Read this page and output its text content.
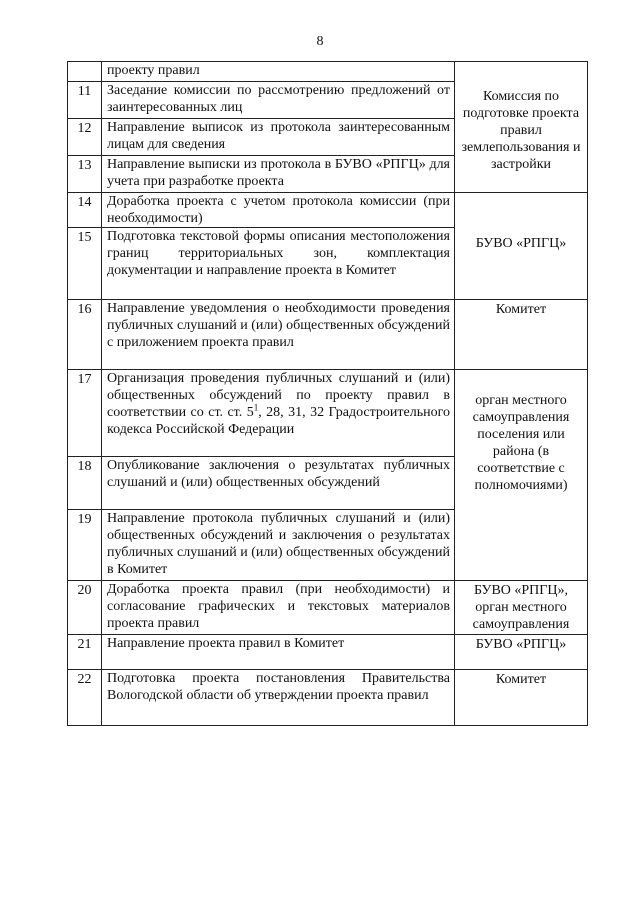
8
	проекту правил	Комиссия по подготовке проекта правил землепользования и застройки

11	Заседание комиссии по рассмотрению предложений от заинтересованных лиц	

12	Направление выписок из протокола заинтересованным лицам для сведения	

13	Направление выписки из протокола в БУВО «РПГЦ» для учета при разработке проекта	

14	Доработка проекта с учетом протокола комиссии (при необходимости)	БУВО «РПГЦ»

15	Подготовка текстовой формы описания местоположения границ территориальных зон, комплектация документации и направление проекта в Комитет	

16	Направление уведомления о необходимости проведения публичных слушаний и (или) общественных обсуждений с приложением проекта правил	Комитет

17	Организация проведения публичных слушаний и (или) общественных обсуждений по проекту правил в соответствии со ст. ст. $5^1$, 28, 31, 32 Градостроительного кодекса Российской Федерации	орган местного самоуправления поселения или района (в соответствие с полномочиями)

18	Опубликование заключения о результатах публичных слушаний и (или) общественных обсуждений	

19	Направление протокола публичных слушаний и (или) общественных обсуждений и заключения о результатах публичных слушаний и (или) общественных обсуждений в Комитет	

20	Доработка проекта правил (при необходимости) и согласование графических и текстовых материалов проекта правил	БУВО «РПГЦ», орган местного самоуправления

21	Направление проекта правил в Комитет	БУВО «РПГЦ»

22	Подготовка проекта постановления Правительства Вологодской области об утверждении проекта правил	Комитет
